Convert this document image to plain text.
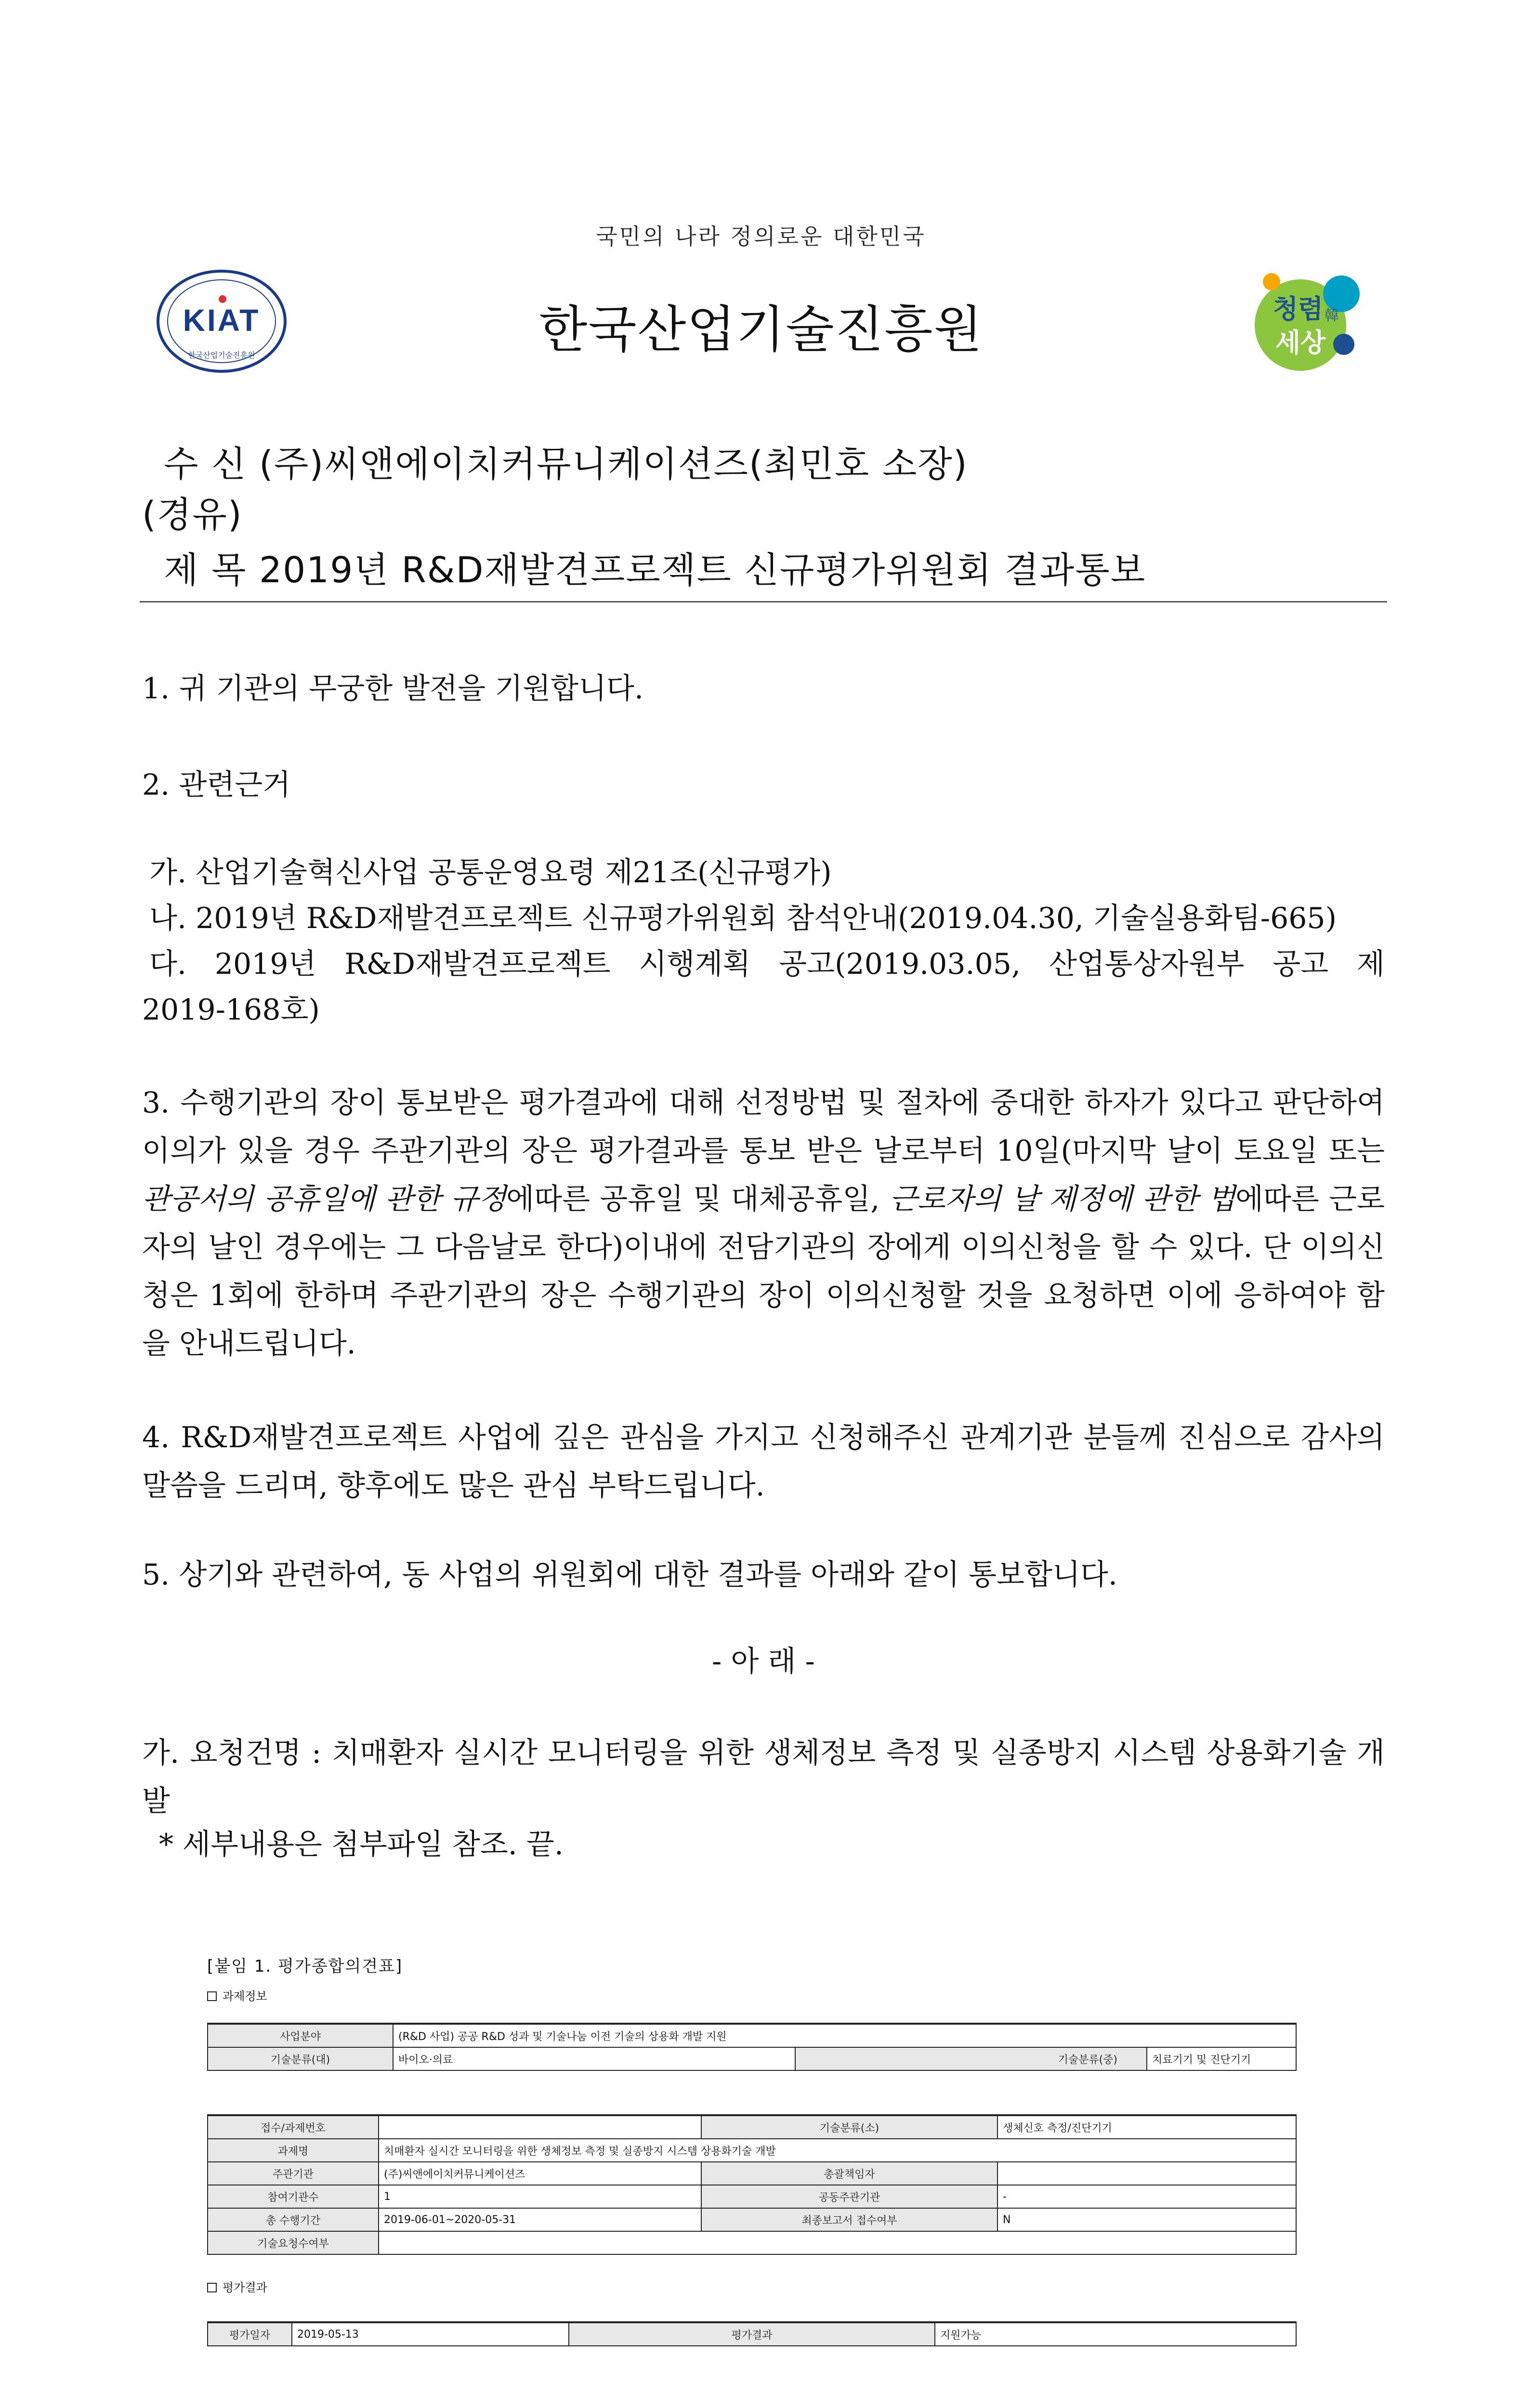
국민의 나라 정의로운 대한민국
KIAT
한국산업기술진흥원	한국산업기술진흥원	청렴
세상
韓
수 신 (주)씨앤에이치커뮤니케이션즈(최민호 소장)
(경유)
제 목 2019년 R&D재발견프로젝트 신규평가위원회 결과통보

1. 귀 기관의 무궁한 발전을 기원합니다.

2. 관련근거

가. 산업기술혁신사업 공통운영요령 제21조(신규평가)

나. 2019년 R&D재발견프로젝트 신규평가위원회 참석안내(2019.04.30, 기술실용화팀-665)

다. 2019년 R&D재발견프로젝트 시행계획 공고(2019.03.05, 산업통상자원부 공고 제

2019-168호)

3. 수행기관의 장이 통보받은 평가결과에 대해 선정방법 및 절차에 중대한 하자가 있다고 판단하여 이의가 있을 경우 주관기관의 장은 평가결과를 통보 받은 날로부터 10일(마지막 날이 토요일 또는 관공서의 공휴일에 관한 규정에따른 공휴일 및 대체공휴일, 근로자의 날 제정에 관한 법에따른 근로자의 날인 경우에는 그 다음날로 한다)이내에 전담기관의 장에게 이의신청을 할 수 있다. 단 이의신청은 1회에 한하며 주관기관의 장은 수행기관의 장이 이의신청할 것을 요청하면 이에 응하여야 함을 안내드립니다.

4. R&D재발견프로젝트 사업에 깊은 관심을 가지고 신청해주신 관계기관 분들께 진심으로 감사의 말씀을 드리며, 향후에도 많은 관심 부탁드립니다.

5. 상기와 관련하여, 동 사업의 위원회에 대한 결과를 아래와 같이 통보합니다.

- 아 래 -

가. 요청건명 : 치매환자 실시간 모니터링을 위한 생체정보 측정 및 실종방지 시스템 상용화기술 개발

* 세부내용은 첨부파일 참조. 끝.

[붙임 1. 평가종합의견표]
과제정보
사업분야	(R&D 사업) 공공 R&D 성과 및 기술나눔 이전 기술의 상용화 개발 지원		
기술분류(대)	바이오·의료	기술분류(중)	치료기기 및 진단기기
접수/과제번호		기술분류(소)	생체신호 측정/진단기기
과제명	치매환자 실시간 모니터링을 위한 생체정보 측정 및 실종방지 시스템 상용화기술 개발		
주관기관	(주)씨앤에이치커뮤니케이션즈	총괄책임자	
참여기관수	1	공동주관기관	-
총 수행기간	2019-06-01~2020-05-31	최종보고서 접수여부	N
기술요청수여부			
평가결과
평가일자	2019-05-13	평가결과	지원가능
